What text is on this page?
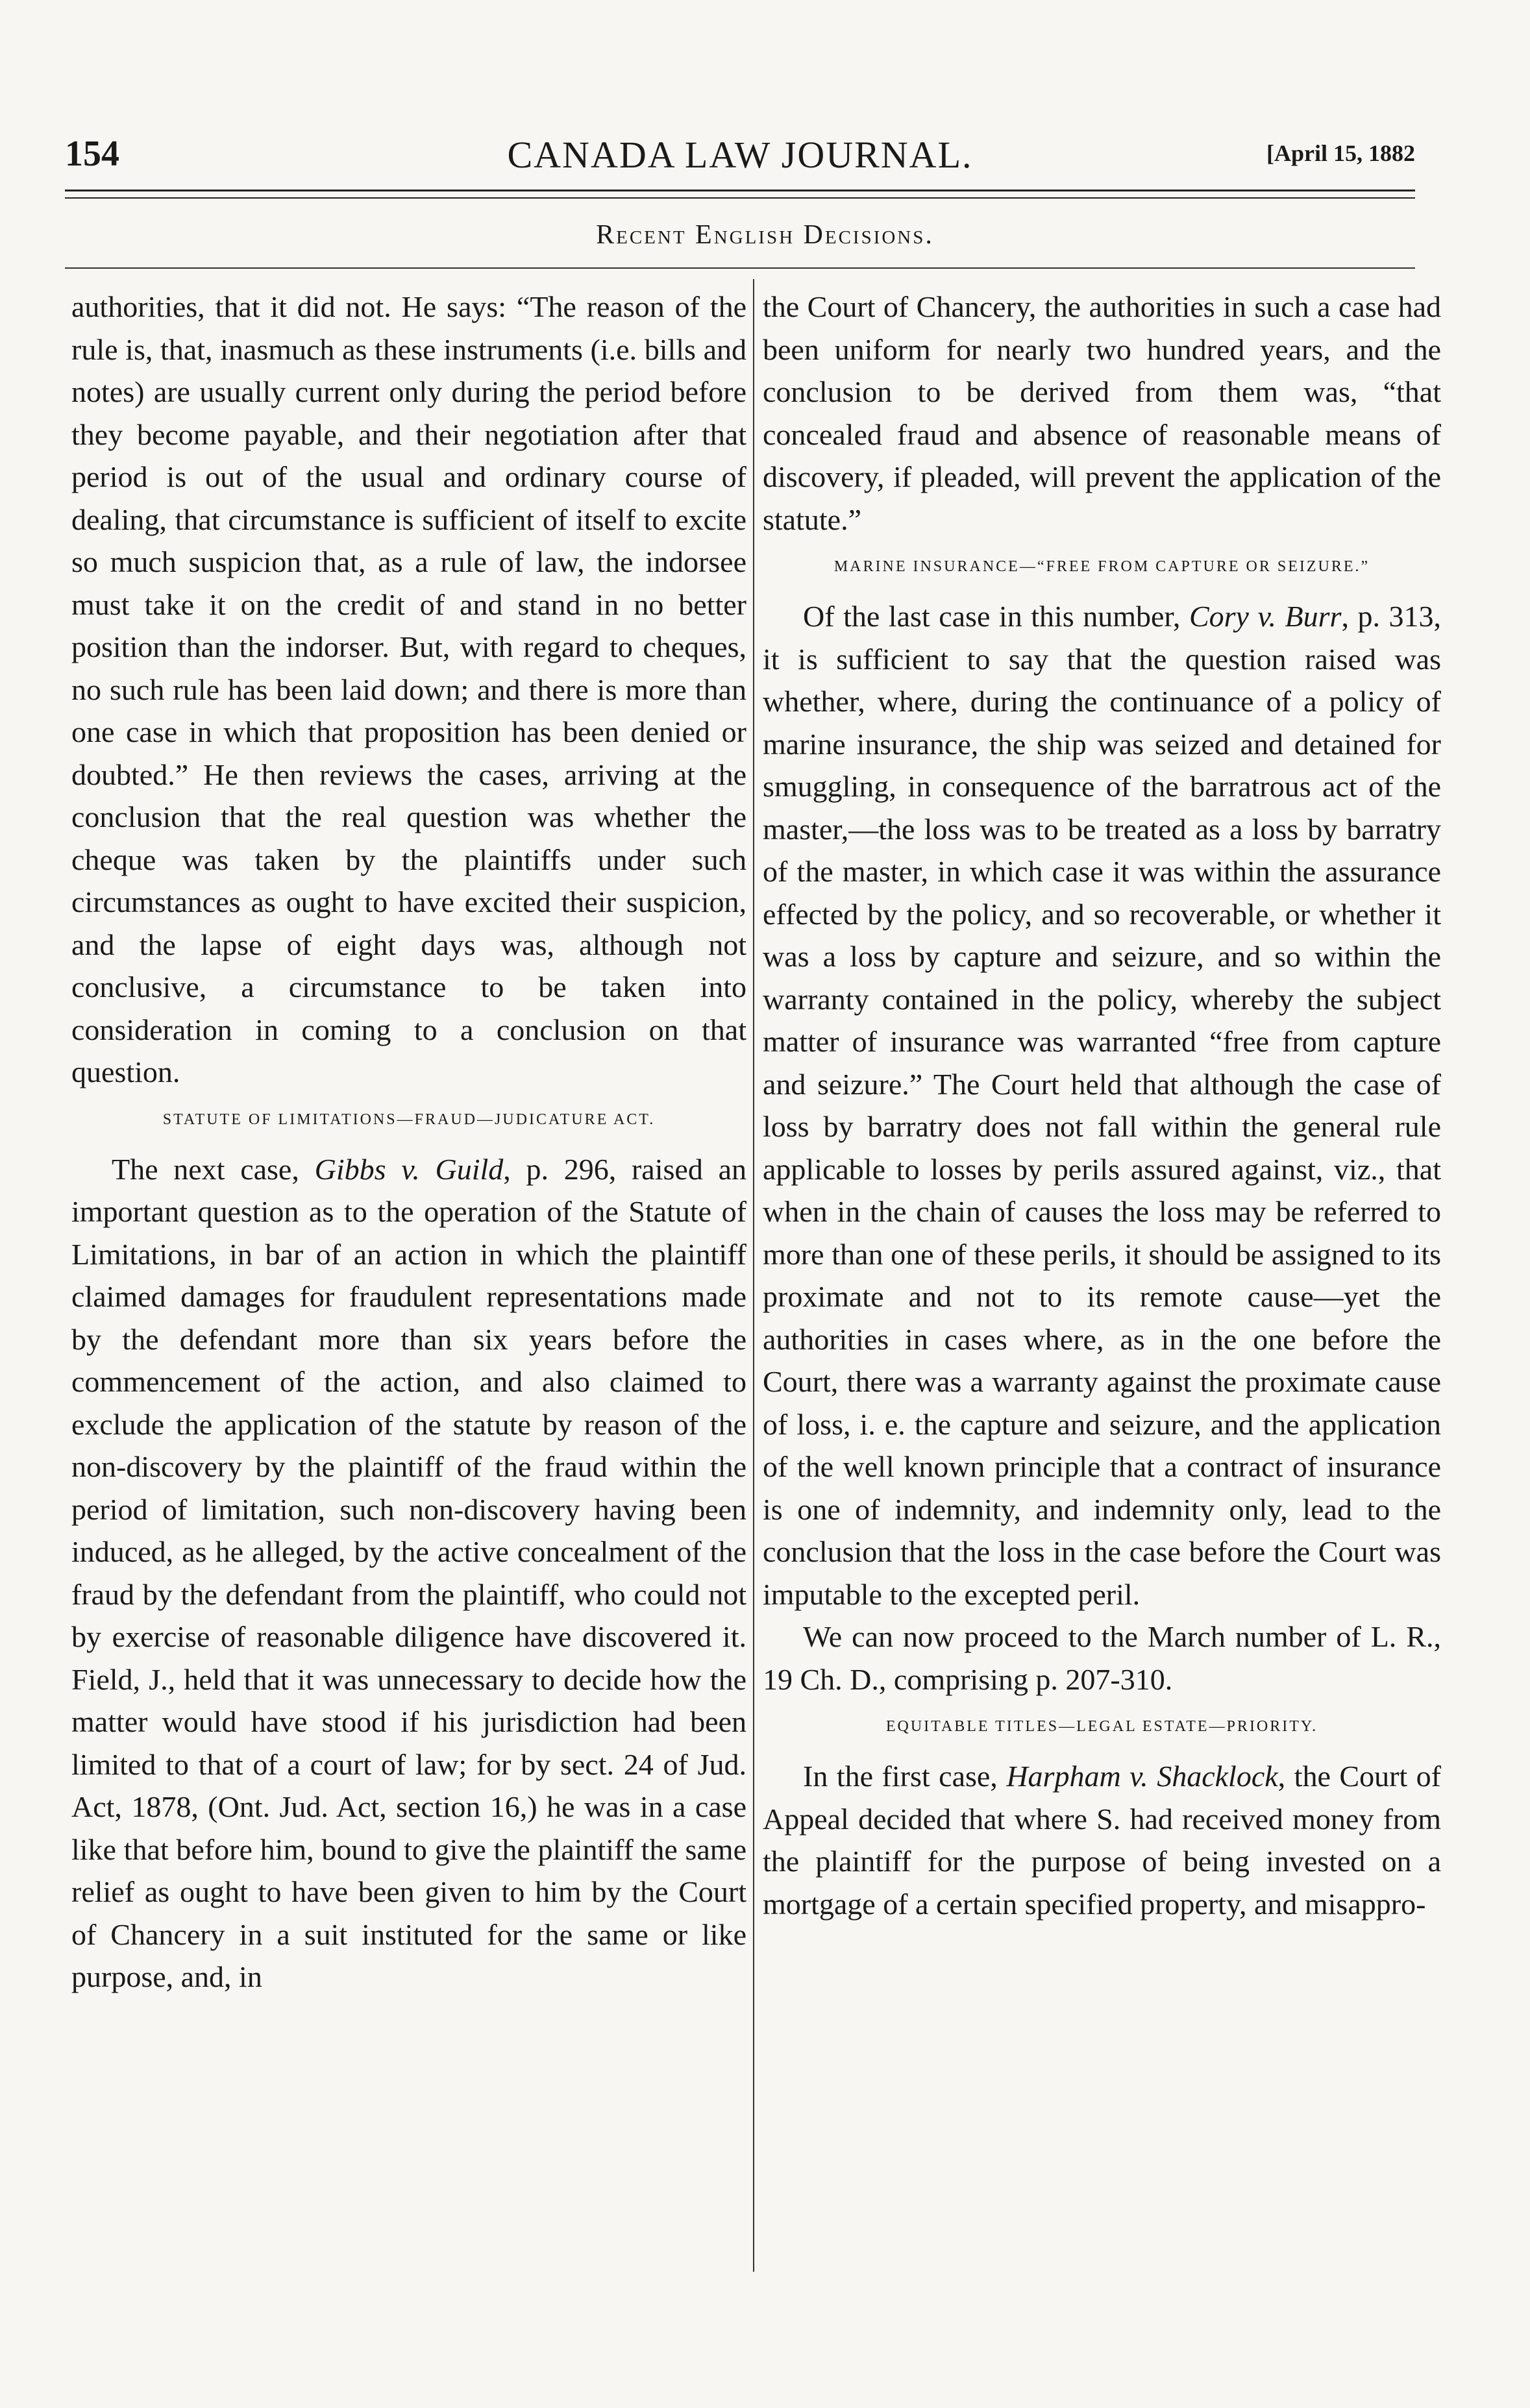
154	CANADA LAW JOURNAL.	[April 15, 1882
Recent English Decisions.

authorities, that it did not. He says: “The reason of the rule is, that, inasmuch as these instruments (i.e. bills and notes) are usually current only during the period before they become payable, and their negotiation after that period is out of the usual and ordinary course of dealing, that circumstance is sufficient of itself to excite so much suspicion that, as a rule of law, the indorsee must take it on the credit of and stand in no better position than the indorser. But, with regard to cheques, no such rule has been laid down; and there is more than one case in which that proposition has been denied or doubted.” He then reviews the cases, arriving at the conclusion that the real question was whether the cheque was taken by the plaintiffs under such circumstances as ought to have excited their suspicion, and the lapse of eight days was, although not conclusive, a circumstance to be taken into consideration in coming to a conclusion on that question.

STATUTE OF LIMITATIONS—FRAUD—JUDICATURE ACT.

The next case, Gibbs v. Guild, p. 296, raised an important question as to the operation of the Statute of Limitations, in bar of an action in which the plaintiff claimed damages for fraudulent representations made by the defendant more than six years before the commencement of the action, and also claimed to exclude the application of the statute by reason of the non-discovery by the plaintiff of the fraud within the period of limitation, such non-discovery having been induced, as he alleged, by the active concealment of the fraud by the defendant from the plaintiff, who could not by exercise of reasonable diligence have discovered it. Field, J., held that it was unnecessary to decide how the matter would have stood if his jurisdiction had been limited to that of a court of law; for by sect. 24 of Jud. Act, 1878, (Ont. Jud. Act, section 16,) he was in a case like that before him, bound to give the plaintiff the same relief as ought to have been given to him by the Court of Chancery in a suit instituted for the same or like purpose, and, in

the Court of Chancery, the authorities in such a case had been uniform for nearly two hundred years, and the conclusion to be derived from them was, “that concealed fraud and absence of reasonable means of discovery, if pleaded, will prevent the application of the statute.”

MARINE INSURANCE—“FREE FROM CAPTURE OR SEIZURE.”

Of the last case in this number, Cory v. Burr, p. 313, it is sufficient to say that the question raised was whether, where, during the continuance of a policy of marine insurance, the ship was seized and detained for smuggling, in consequence of the barratrous act of the master,—the loss was to be treated as a loss by barratry of the master, in which case it was within the assurance effected by the policy, and so recoverable, or whether it was a loss by capture and seizure, and so within the warranty contained in the policy, whereby the subject matter of insurance was warranted “free from capture and seizure.” The Court held that although the case of loss by barratry does not fall within the general rule applicable to losses by perils assured against, viz., that when in the chain of causes the loss may be referred to more than one of these perils, it should be assigned to its proximate and not to its remote cause—yet the authorities in cases where, as in the one before the Court, there was a warranty against the proximate cause of loss, i. e. the capture and seizure, and the application of the well known principle that a contract of insurance is one of indemnity, and indemnity only, lead to the conclusion that the loss in the case before the Court was imputable to the excepted peril.

We can now proceed to the March number of L. R., 19 Ch. D., comprising p. 207-310.

EQUITABLE TITLES—LEGAL ESTATE—PRIORITY.

In the first case, Harpham v. Shacklock, the Court of Appeal decided that where S. had received money from the plaintiff for the purpose of being invested on a mortgage of a certain specified property, and misappro-
